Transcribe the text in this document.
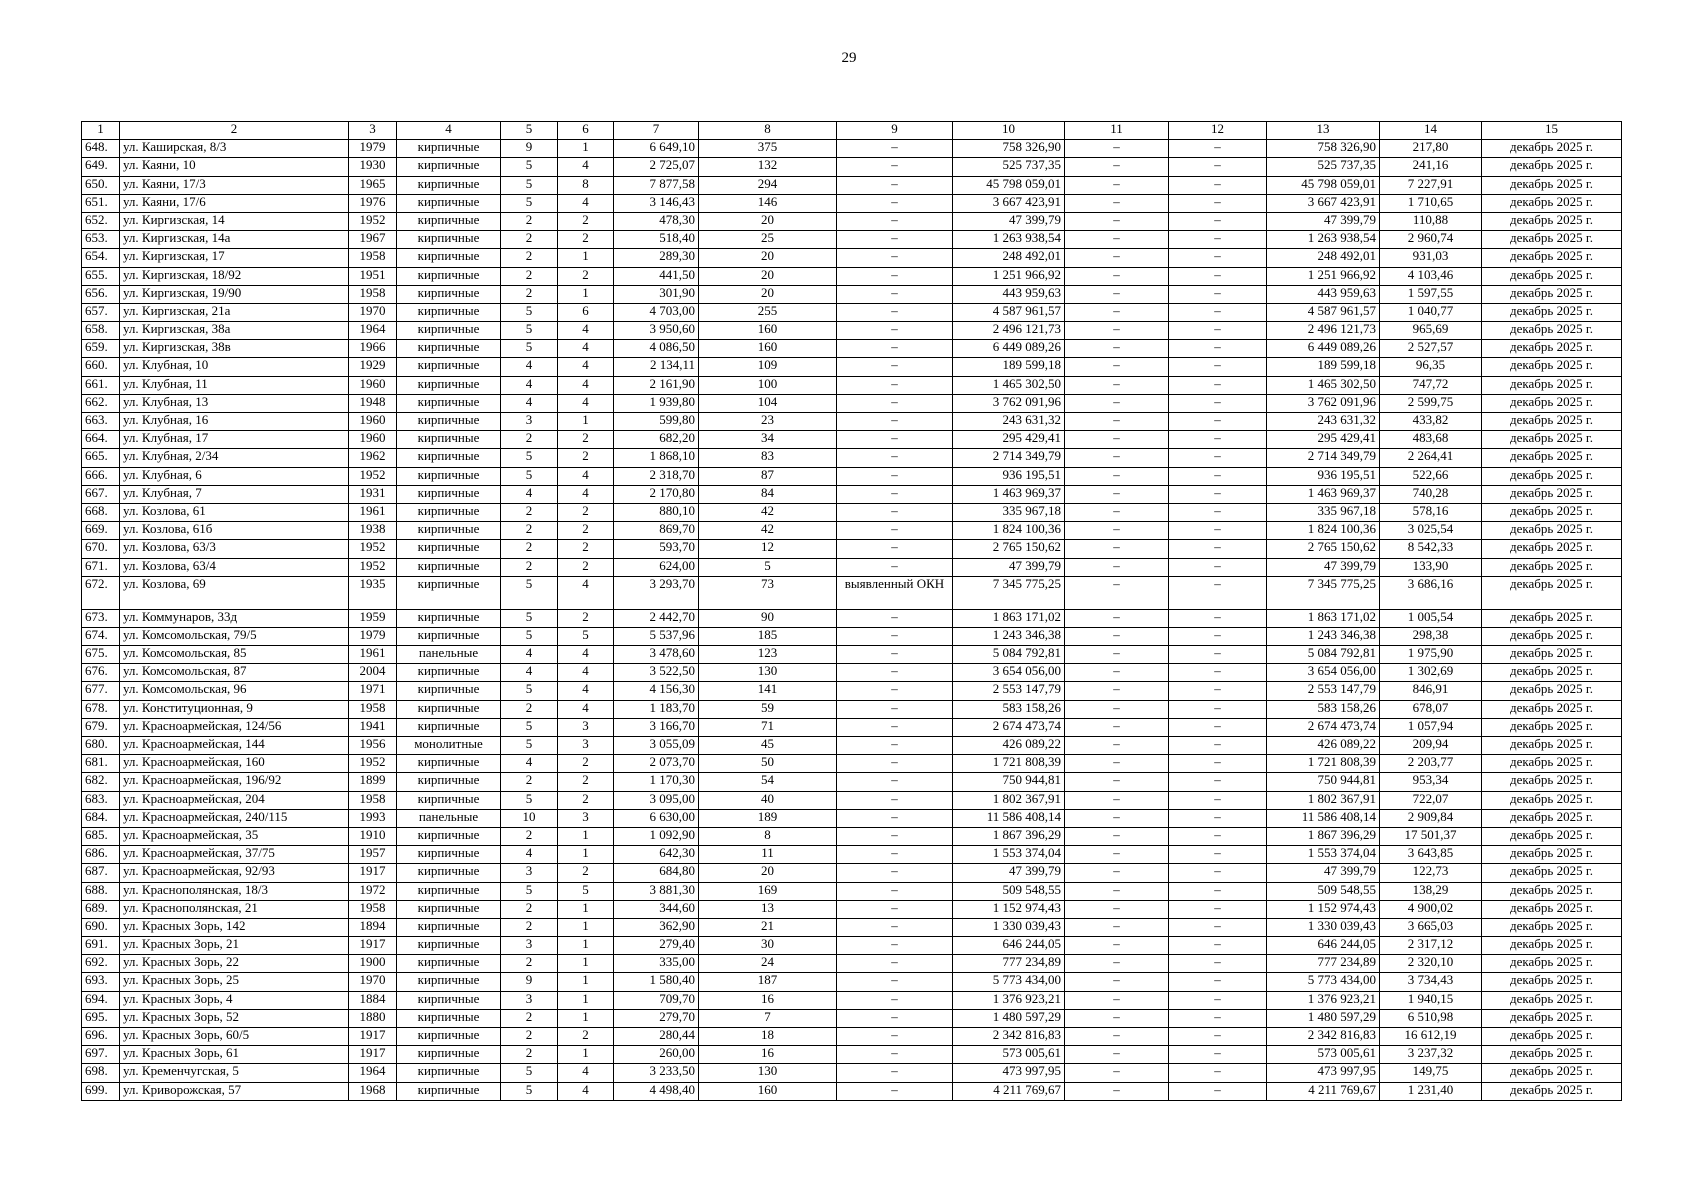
29
1	2	3	4	5	6	7	8	9	10	11	12	13	14	15
648.	ул. Каширская, 8/3	1979	кирпичные	9	1	6 649,10	375	–	758 326,90	–	–	758 326,90	217,80	декабрь 2025 г.
649.	ул. Каяни, 10	1930	кирпичные	5	4	2 725,07	132	–	525 737,35	–	–	525 737,35	241,16	декабрь 2025 г.
650.	ул. Каяни, 17/3	1965	кирпичные	5	8	7 877,58	294	–	45 798 059,01	–	–	45 798 059,01	7 227,91	декабрь 2025 г.
651.	ул. Каяни, 17/6	1976	кирпичные	5	4	3 146,43	146	–	3 667 423,91	–	–	3 667 423,91	1 710,65	декабрь 2025 г.
652.	ул. Киргизская, 14	1952	кирпичные	2	2	478,30	20	–	47 399,79	–	–	47 399,79	110,88	декабрь 2025 г.
653.	ул. Киргизская, 14а	1967	кирпичные	2	2	518,40	25	–	1 263 938,54	–	–	1 263 938,54	2 960,74	декабрь 2025 г.
654.	ул. Киргизская, 17	1958	кирпичные	2	1	289,30	20	–	248 492,01	–	–	248 492,01	931,03	декабрь 2025 г.
655.	ул. Киргизская, 18/92	1951	кирпичные	2	2	441,50	20	–	1 251 966,92	–	–	1 251 966,92	4 103,46	декабрь 2025 г.
656.	ул. Киргизская, 19/90	1958	кирпичные	2	1	301,90	20	–	443 959,63	–	–	443 959,63	1 597,55	декабрь 2025 г.
657.	ул. Киргизская, 21а	1970	кирпичные	5	6	4 703,00	255	–	4 587 961,57	–	–	4 587 961,57	1 040,77	декабрь 2025 г.
658.	ул. Киргизская, 38а	1964	кирпичные	5	4	3 950,60	160	–	2 496 121,73	–	–	2 496 121,73	965,69	декабрь 2025 г.
659.	ул. Киргизская, 38в	1966	кирпичные	5	4	4 086,50	160	–	6 449 089,26	–	–	6 449 089,26	2 527,57	декабрь 2025 г.
660.	ул. Клубная, 10	1929	кирпичные	4	4	2 134,11	109	–	189 599,18	–	–	189 599,18	96,35	декабрь 2025 г.
661.	ул. Клубная, 11	1960	кирпичные	4	4	2 161,90	100	–	1 465 302,50	–	–	1 465 302,50	747,72	декабрь 2025 г.
662.	ул. Клубная, 13	1948	кирпичные	4	4	1 939,80	104	–	3 762 091,96	–	–	3 762 091,96	2 599,75	декабрь 2025 г.
663.	ул. Клубная, 16	1960	кирпичные	3	1	599,80	23	–	243 631,32	–	–	243 631,32	433,82	декабрь 2025 г.
664.	ул. Клубная, 17	1960	кирпичные	2	2	682,20	34	–	295 429,41	–	–	295 429,41	483,68	декабрь 2025 г.
665.	ул. Клубная, 2/34	1962	кирпичные	5	2	1 868,10	83	–	2 714 349,79	–	–	2 714 349,79	2 264,41	декабрь 2025 г.
666.	ул. Клубная, 6	1952	кирпичные	5	4	2 318,70	87	–	936 195,51	–	–	936 195,51	522,66	декабрь 2025 г.
667.	ул. Клубная, 7	1931	кирпичные	4	4	2 170,80	84	–	1 463 969,37	–	–	1 463 969,37	740,28	декабрь 2025 г.
668.	ул. Козлова, 61	1961	кирпичные	2	2	880,10	42	–	335 967,18	–	–	335 967,18	578,16	декабрь 2025 г.
669.	ул. Козлова, 61б	1938	кирпичные	2	2	869,70	42	–	1 824 100,36	–	–	1 824 100,36	3 025,54	декабрь 2025 г.
670.	ул. Козлова, 63/3	1952	кирпичные	2	2	593,70	12	–	2 765 150,62	–	–	2 765 150,62	8 542,33	декабрь 2025 г.
671.	ул. Козлова, 63/4	1952	кирпичные	2	2	624,00	5	–	47 399,79	–	–	47 399,79	133,90	декабрь 2025 г.
672.	ул. Козлова, 69	1935	кирпичные	5	4	3 293,70	73	выявленный ОКН	7 345 775,25	–	–	7 345 775,25	3 686,16	декабрь 2025 г.
673.	ул. Коммунаров, 33д	1959	кирпичные	5	2	2 442,70	90	–	1 863 171,02	–	–	1 863 171,02	1 005,54	декабрь 2025 г.
674.	ул. Комсомольская, 79/5	1979	кирпичные	5	5	5 537,96	185	–	1 243 346,38	–	–	1 243 346,38	298,38	декабрь 2025 г.
675.	ул. Комсомольская, 85	1961	панельные	4	4	3 478,60	123	–	5 084 792,81	–	–	5 084 792,81	1 975,90	декабрь 2025 г.
676.	ул. Комсомольская, 87	2004	кирпичные	4	4	3 522,50	130	–	3 654 056,00	–	–	3 654 056,00	1 302,69	декабрь 2025 г.
677.	ул. Комсомольская, 96	1971	кирпичные	5	4	4 156,30	141	–	2 553 147,79	–	–	2 553 147,79	846,91	декабрь 2025 г.
678.	ул. Конституционная, 9	1958	кирпичные	2	4	1 183,70	59	–	583 158,26	–	–	583 158,26	678,07	декабрь 2025 г.
679.	ул. Красноармейская, 124/56	1941	кирпичные	5	3	3 166,70	71	–	2 674 473,74	–	–	2 674 473,74	1 057,94	декабрь 2025 г.
680.	ул. Красноармейская, 144	1956	монолитные	5	3	3 055,09	45	–	426 089,22	–	–	426 089,22	209,94	декабрь 2025 г.
681.	ул. Красноармейская, 160	1952	кирпичные	4	2	2 073,70	50	–	1 721 808,39	–	–	1 721 808,39	2 203,77	декабрь 2025 г.
682.	ул. Красноармейская, 196/92	1899	кирпичные	2	2	1 170,30	54	–	750 944,81	–	–	750 944,81	953,34	декабрь 2025 г.
683.	ул. Красноармейская, 204	1958	кирпичные	5	2	3 095,00	40	–	1 802 367,91	–	–	1 802 367,91	722,07	декабрь 2025 г.
684.	ул. Красноармейская, 240/115	1993	панельные	10	3	6 630,00	189	–	11 586 408,14	–	–	11 586 408,14	2 909,84	декабрь 2025 г.
685.	ул. Красноармейская, 35	1910	кирпичные	2	1	1 092,90	8	–	1 867 396,29	–	–	1 867 396,29	17 501,37	декабрь 2025 г.
686.	ул. Красноармейская, 37/75	1957	кирпичные	4	1	642,30	11	–	1 553 374,04	–	–	1 553 374,04	3 643,85	декабрь 2025 г.
687.	ул. Красноармейская, 92/93	1917	кирпичные	3	2	684,80	20	–	47 399,79	–	–	47 399,79	122,73	декабрь 2025 г.
688.	ул. Краснополянская, 18/3	1972	кирпичные	5	5	3 881,30	169	–	509 548,55	–	–	509 548,55	138,29	декабрь 2025 г.
689.	ул. Краснополянская, 21	1958	кирпичные	2	1	344,60	13	–	1 152 974,43	–	–	1 152 974,43	4 900,02	декабрь 2025 г.
690.	ул. Красных Зорь, 142	1894	кирпичные	2	1	362,90	21	–	1 330 039,43	–	–	1 330 039,43	3 665,03	декабрь 2025 г.
691.	ул. Красных Зорь, 21	1917	кирпичные	3	1	279,40	30	–	646 244,05	–	–	646 244,05	2 317,12	декабрь 2025 г.
692.	ул. Красных Зорь, 22	1900	кирпичные	2	1	335,00	24	–	777 234,89	–	–	777 234,89	2 320,10	декабрь 2025 г.
693.	ул. Красных Зорь, 25	1970	кирпичные	9	1	1 580,40	187	–	5 773 434,00	–	–	5 773 434,00	3 734,43	декабрь 2025 г.
694.	ул. Красных Зорь, 4	1884	кирпичные	3	1	709,70	16	–	1 376 923,21	–	–	1 376 923,21	1 940,15	декабрь 2025 г.
695.	ул. Красных Зорь, 52	1880	кирпичные	2	1	279,70	7	–	1 480 597,29	–	–	1 480 597,29	6 510,98	декабрь 2025 г.
696.	ул. Красных Зорь, 60/5	1917	кирпичные	2	2	280,44	18	–	2 342 816,83	–	–	2 342 816,83	16 612,19	декабрь 2025 г.
697.	ул. Красных Зорь, 61	1917	кирпичные	2	1	260,00	16	–	573 005,61	–	–	573 005,61	3 237,32	декабрь 2025 г.
698.	ул. Кременчугская, 5	1964	кирпичные	5	4	3 233,50	130	–	473 997,95	–	–	473 997,95	149,75	декабрь 2025 г.
699.	ул. Криворожская, 57	1968	кирпичные	5	4	4 498,40	160	–	4 211 769,67	–	–	4 211 769,67	1 231,40	декабрь 2025 г.
